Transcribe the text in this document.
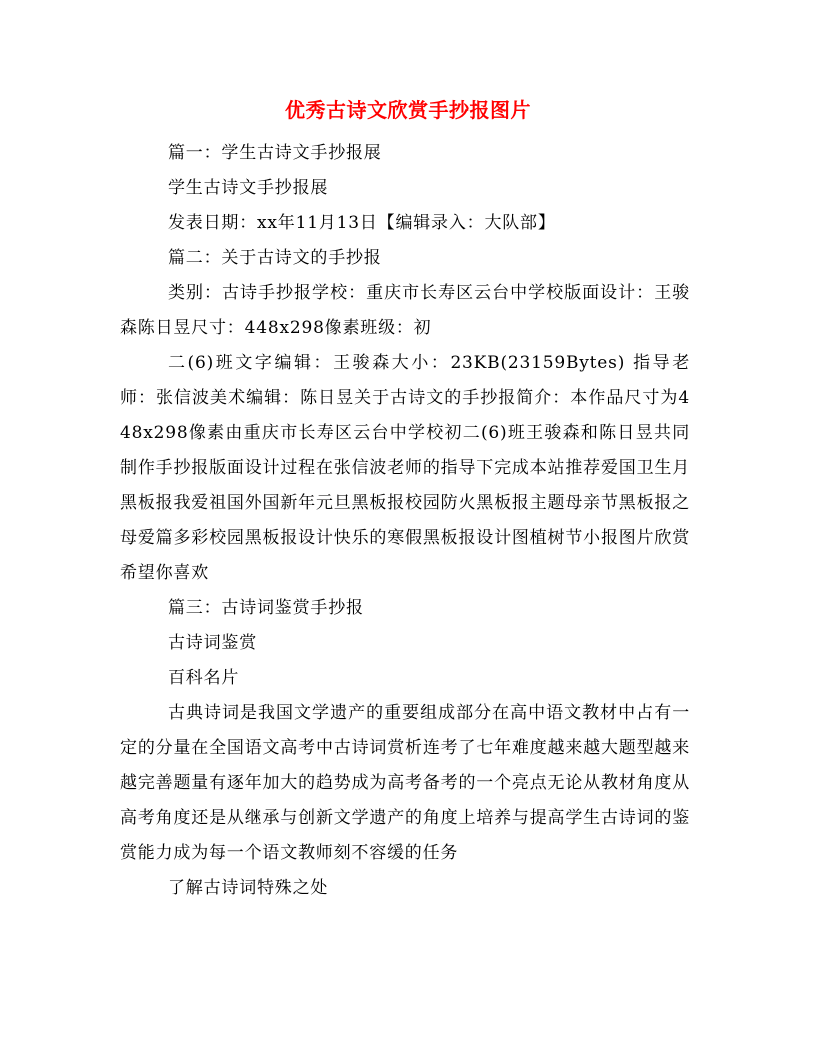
优秀古诗文欣赏手抄报图片

篇一：学生古诗文手抄报展

学生古诗文手抄报展

发表日期：xx年11月13日【编辑录入：大队部】

篇二：关于古诗文的手抄报

类别：古诗手抄报学校：重庆市长寿区云台中学校版面设计：王骏森陈日昱尺寸：448x298像素班级：初

二(6)班文字编辑：王骏森大小：23KB(23159Bytes) 指导老师：张信波美术编辑：陈日昱关于古诗文的手抄报简介：本作品尺寸为448x298像素由重庆市长寿区云台中学校初二(6)班王骏森和陈日昱共同制作手抄报版面设计过程在张信波老师的指导下完成本站推荐爱国卫生月黑板报我爱祖国外国新年元旦黑板报校园防火黑板报主题母亲节黑板报之母爱篇多彩校园黑板报设计快乐的寒假黑板报设计图植树节小报图片欣赏希望你喜欢

篇三：古诗词鉴赏手抄报

古诗词鉴赏

百科名片

古典诗词是我国文学遗产的重要组成部分在高中语文教材中占有一定的分量在全国语文高考中古诗词赏析连考了七年难度越来越大题型越来越完善题量有逐年加大的趋势成为高考备考的一个亮点无论从教材角度从高考角度还是从继承与创新文学遗产的角度上培养与提高学生古诗词的鉴赏能力成为每一个语文教师刻不容缓的任务

了解古诗词特殊之处
